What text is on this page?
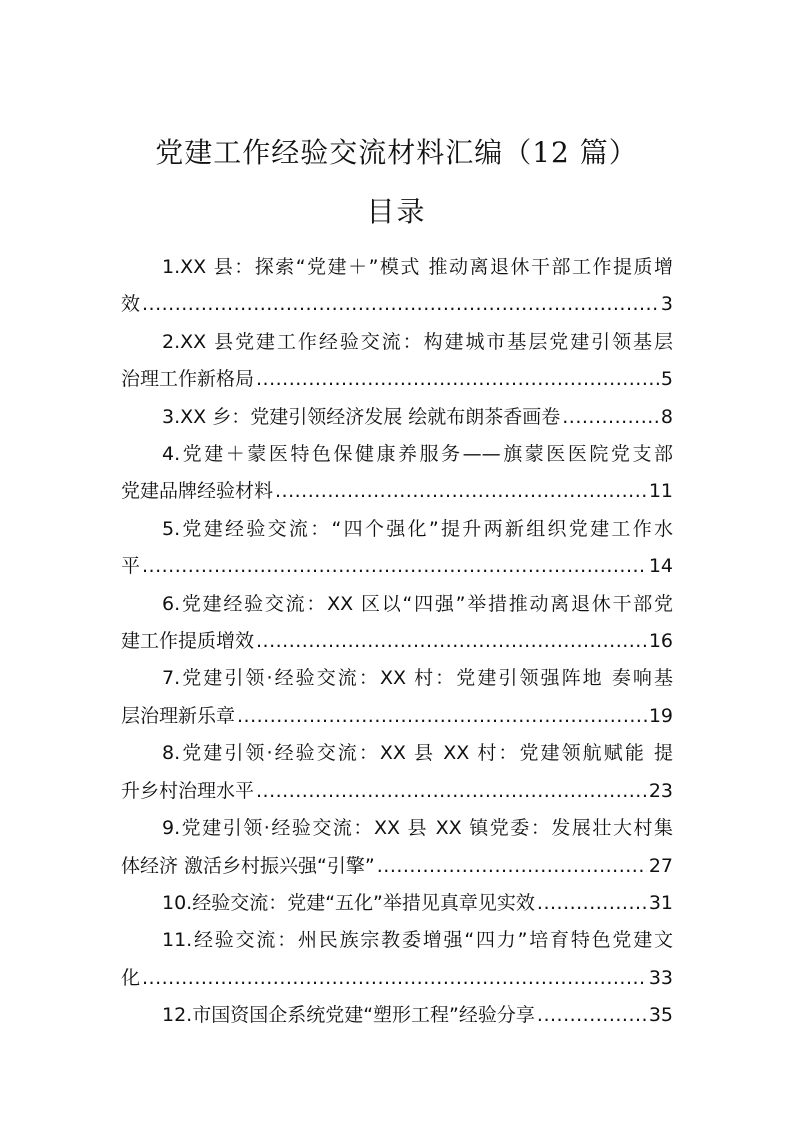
党建工作经验交流材料汇编（12 篇）
目录
1.XX 县：探索“党建＋”模式 推动离退休干部工作提质增
效 .....	3
2.XX 县党建工作经验交流：构建城市基层党建引领基层
治理工作新格局 .....	5
3.XX 乡：党建引领经济发展 绘就布朗茶香画卷 .....	8
4.党建＋蒙医特色保健康养服务——旗蒙医医院党支部
党建品牌经验材料 .....	11
5.党建经验交流：“四个强化”提升两新组织党建工作水
平 .....	14
6.党建经验交流：XX 区以“四强”举措推动离退休干部党
建工作提质增效 .....	16
7.党建引领·经验交流：XX 村：党建引领强阵地 奏响基
层治理新乐章 .....	19
8.党建引领·经验交流：XX 县 XX 村：党建领航赋能 提
升乡村治理水平 .....	23
9.党建引领·经验交流：XX 县 XX 镇党委：发展壮大村集
体经济 激活乡村振兴强“引擎” .....	27
10.经验交流：党建“五化”举措见真章见实效 .....	31
11.经验交流：州民族宗教委增强“四力”培育特色党建文
化 .....	33
12.市国资国企系统党建“塑形工程”经验分享 .....	35
